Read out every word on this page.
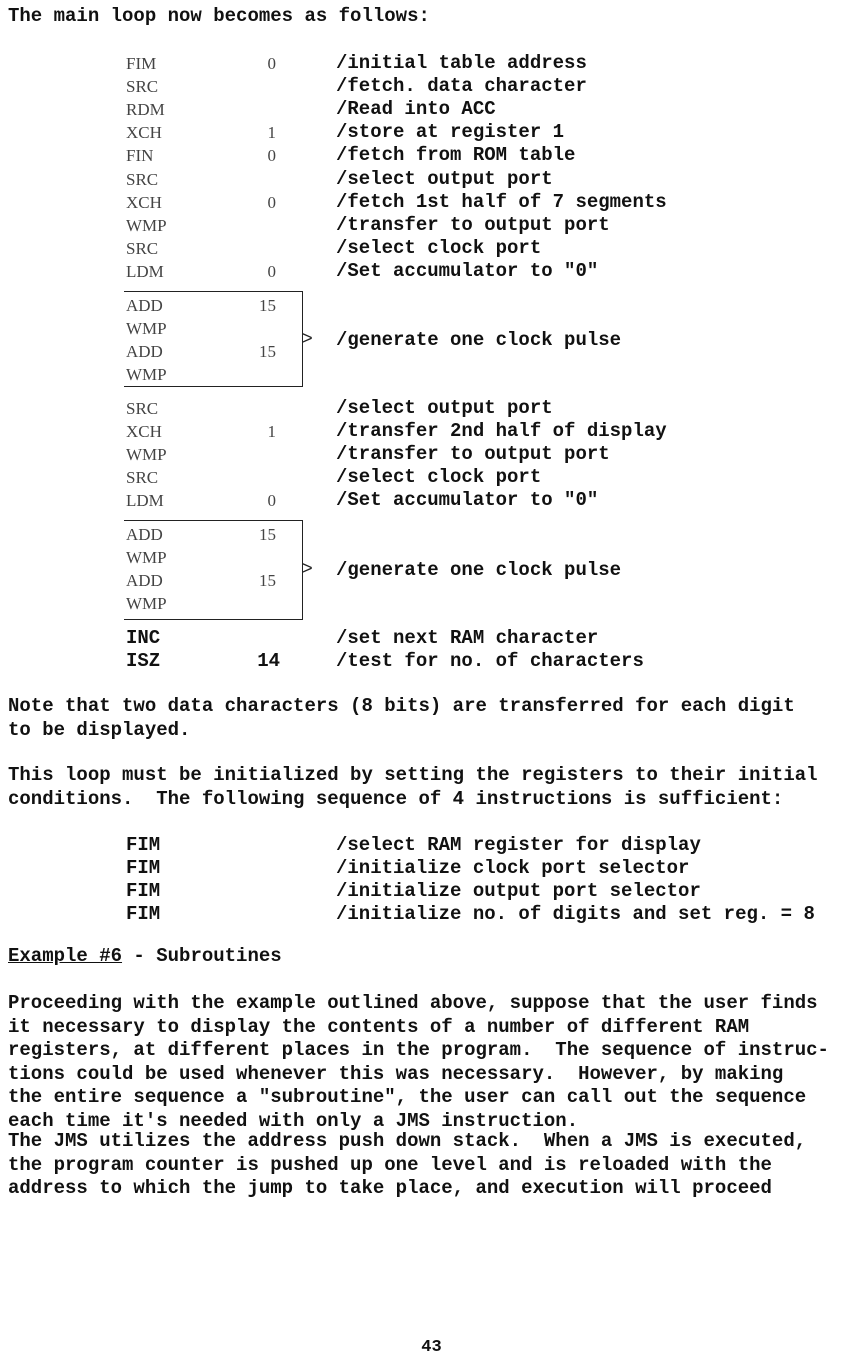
The main loop now becomes as follows:
FIM	0	/initial table address
SRC	/fetch. data character
RDM	/Read into ACC
XCH	1	/store at register 1
FIN	0	/fetch from ROM table
SRC	/select output port
XCH	0	/fetch 1st half of 7 segments
WMP	/transfer to output port
SRC	/select clock port
LDM	0	/Set accumulator to "0"
>
ADD	15
WMP
ADD	15
WMP
/generate one clock pulse
SRC	/select output port
XCH	1	/transfer 2nd half of display
WMP	/transfer to output port
SRC	/select clock port
LDM	0	/Set accumulator to "0"
>
ADD	15
WMP
ADD	15
WMP
/generate one clock pulse
INC	/set next RAM character
ISZ	14	/test for no. of characters

Note that two data characters (8 bits) are transferred for each digit
to be displayed.

This loop must be initialized by setting the registers to their initial
conditions.  The following sequence of 4 instructions is sufficient:

FIM	/select RAM register for display
FIM	/initialize clock port selector
FIM	/initialize output port selector
FIM	/initialize no. of digits and set reg. = 8
Example #6 - Subroutines

Proceeding with the example outlined above, suppose that the user finds
it necessary to display the contents of a number of different RAM
registers, at different places in the program.  The sequence of instruc-
tions could be used whenever this was necessary.  However, by making
the entire sequence a "subroutine", the user can call out the sequence
each time it's needed with only a JMS instruction.

The JMS utilizes the address push down stack.  When a JMS is executed,
the program counter is pushed up one level and is reloaded with the
address to which the jump to take place, and execution will proceed

43
